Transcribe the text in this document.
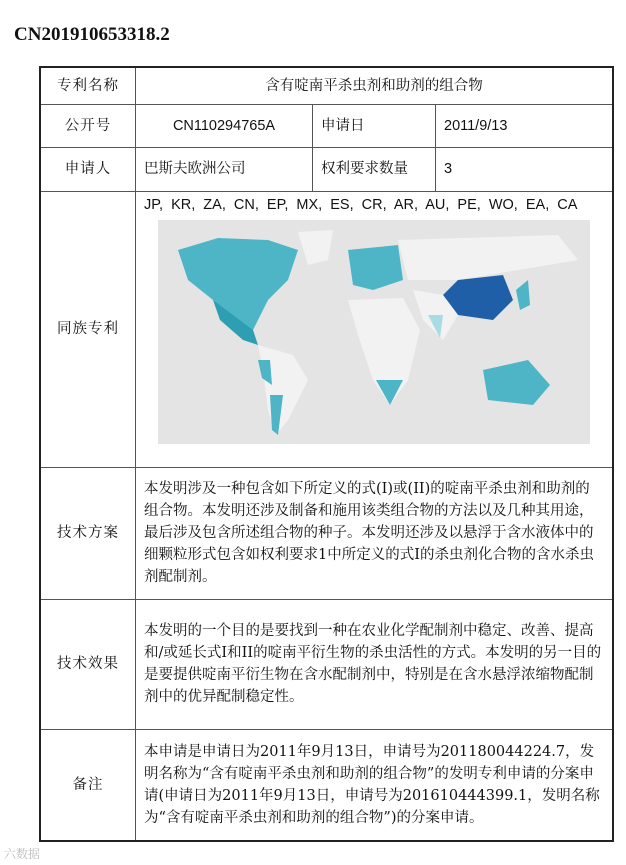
CN201910653318.2
专利名称	含有啶南平杀虫剂和助剂的组合物		
公开号	CN110294765A	申请日	2011/9/13
申请人	巴斯夫欧洲公司	权利要求数量	3
同族专利	JP, KR, ZA, CN, EP, MX, ES, CR, AR, AU, PE, WO, EA, CA		

技术方案	本发明涉及一种包含如下所定义的式(I)或(II)的啶南平杀虫剂和助剂的组合物。本发明还涉及制备和施用该类组合物的方法以及几种其用途，最后涉及包含所述组合物的种子。本发明还涉及以悬浮于含水液体中的细颗粒形式包含如权利要求1中所定义的式I的杀虫剂化合物的含水杀虫剂配制剂。		
技术效果	本发明的一个目的是要找到一种在农业化学配制剂中稳定、改善、提高和/或延长式I和II的啶南平衍生物的杀虫活性的方式。本发明的另一目的是要提供啶南平衍生物在含水配制剂中，特别是在含水悬浮浓缩物配制剂中的优异配制稳定性。		
备注	本申请是申请日为2011年9月13日，申请号为201180044224.7，发明名称为“含有啶南平杀虫剂和助剂的组合物”的发明专利申请的分案申请(申请日为2011年9月13日，申请号为201610444399.1，发明名称为“含有啶南平杀虫剂和助剂的组合物”)的分案申请。		
六数据
